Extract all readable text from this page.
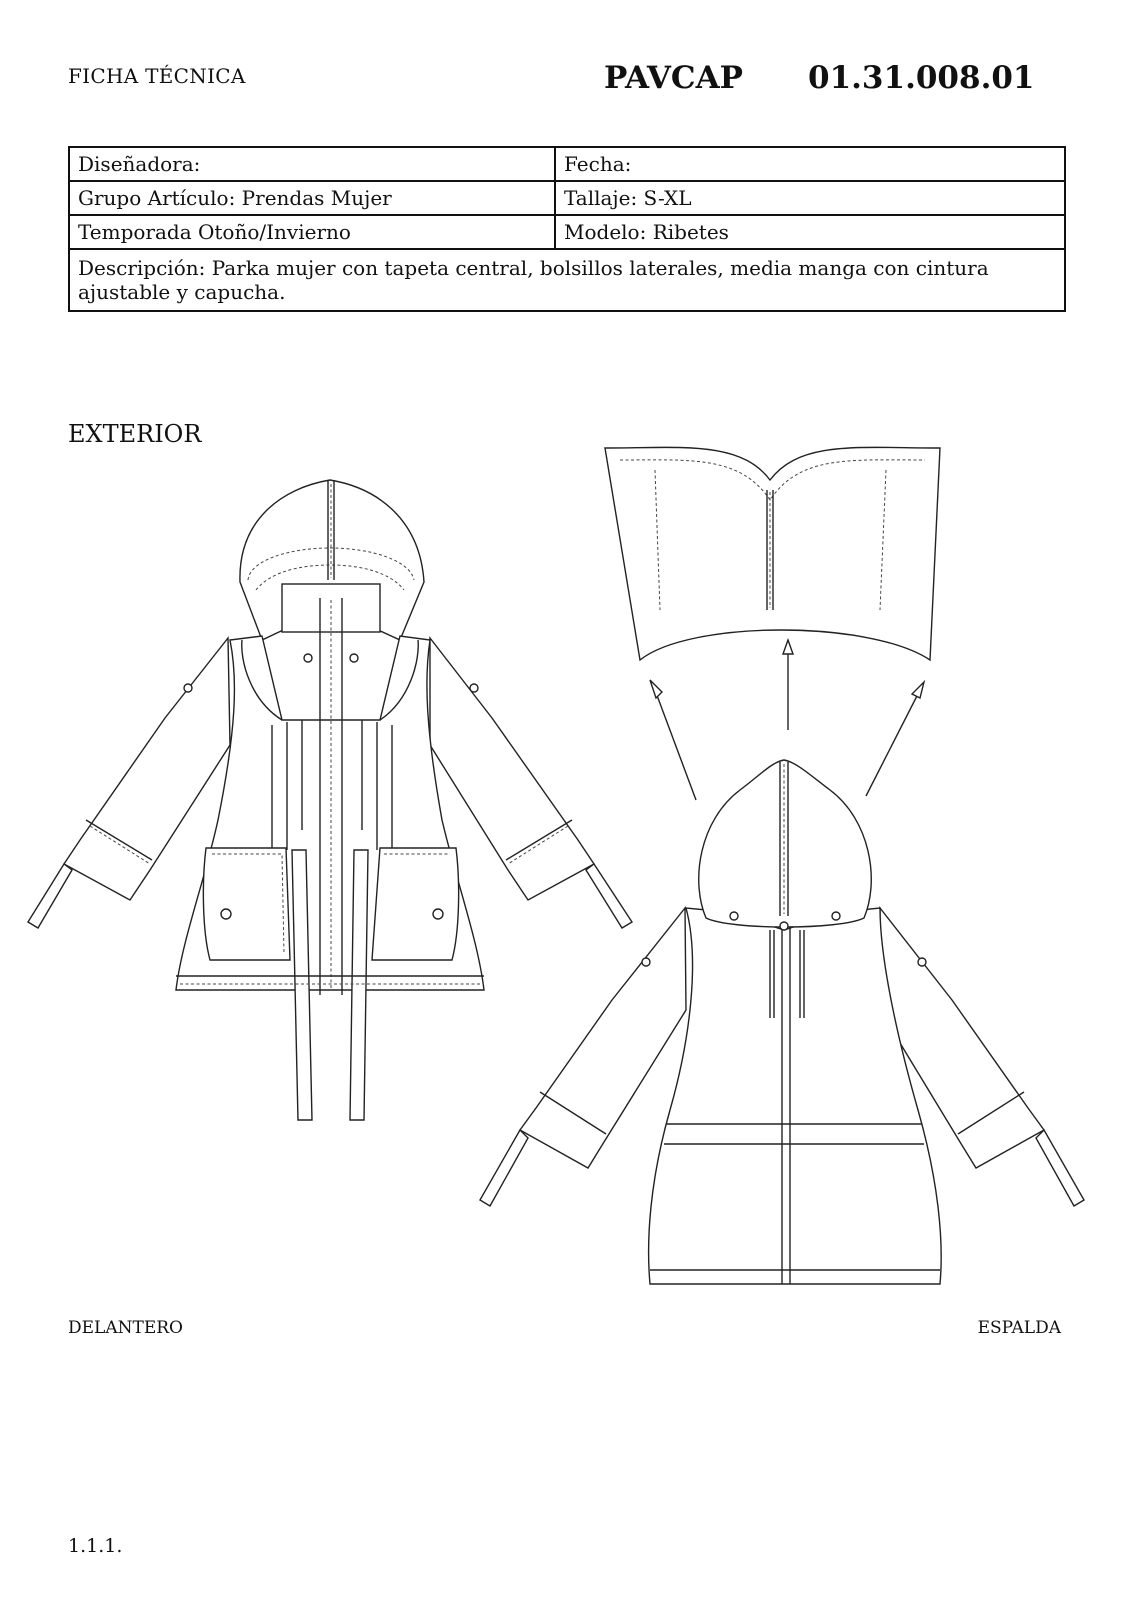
FICHA TÉCNICA	PAVCAP 01.31.008.01
Diseñadora:	Fecha:
Grupo Artículo: Prendas Mujer	Tallaje: S-XL
Temporada Otoño/Invierno	Modelo: Ribetes
Descripción: Parka mujer con tapeta central, bolsillos laterales, media manga con cintura ajustable y capucha.	
EXTERIOR
DELANTERO	ESPALDA
1.1.1.
